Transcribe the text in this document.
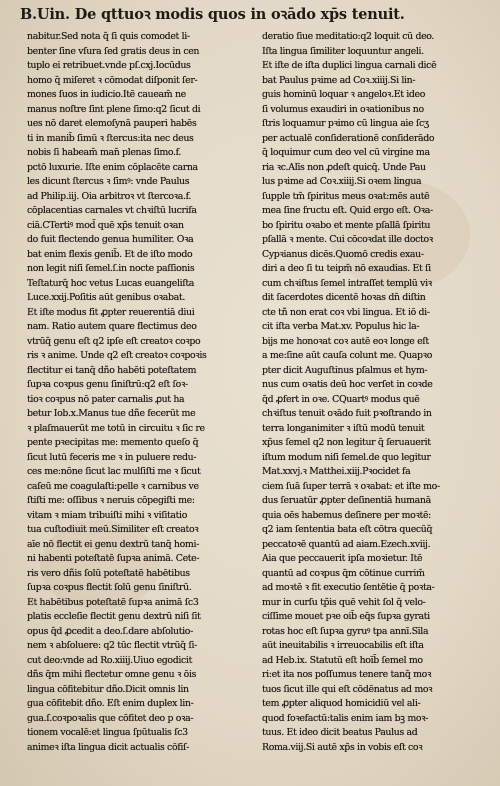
B.Uin. De qttuoꝛ modis quos in oꝛādo xp̄s tenuit.
nabitur.Sed nota q̄ ſi quis comodet li-
benter ſine vſura ſed gratis deus in cen
tuplo ei retribuet.vnde pſ.cxj.Iocūdus
homo q̄ miſeret ꝛ cōmodat diſponit ſer-
mones ſuos in iudicio.Itē caueam̄ ne
manus noſtre ſint plene ſimo:q2 ſicut di
ues nō daret elemoſynā pauperi habēs
ti in manib̄ ſimū ꝛ ſtercus:ita nec deus
nobis ſi habeam̄ man̄ plenas ſimo.f.
pctō luxurie. Iſte enim cōplacēte carna
les dicunt ſtercus ꝛ ſimꝰ: vnde Paulus
ad Philip.iij. Oia arbitroꝛ vt ſtercoꝛa.f.
cōplacentias carnales vt chꝛiſtū lucrifa
ciā.CTertiꝰ mod̄ quē xp̄s tenuit oꝛan
do fuit flectendo genua humiliter. Oꝛa
bat enim flexis genib̄. Et de iſto modo
non legit niſi ſemel.ſ.in nocte paſſionis
Teſtaturq̄ hoc vetus Lucas euangeliſta
Luce.xxij.Poſitis aūt genibus oꝛabat.
Et iſte modus fit ꝓpter reuerentiā diui
nam. Ratio autem quare flectimus deo
vtrūq̄ genu eſt q2 ipſe eſt creatoꝛ coꝛpo
ris ꝛ anime. Unde q2 eſt creatoꝛ coꝛpoꝛis
flectitur ei tanq̄ dño habēti poteſtatem
ſupꝛa coꝛpus genu ſiniſtrū:q2 eſt ſoꝛ-
tioꝛ coꝛpus nō pater carnalis ꝓut ha
betur Iob.x.Manus tue dñe fecerūt me
ꝛ plaſmauerūt me totū in circuitu ꝛ ſic re
pente pꝛecipitas me: memento queſo q̄
ſicut lutū feceris me ꝛ in puluere redu-
ces me:nōne ſicut lac mulſiſti me ꝛ ſicut
caſeū me coagulaſti:pelle ꝛ carnibus ve
ſtiſti me: oſſibus ꝛ neruis cōpegiſti me:
vitam ꝛ miam tribuiſti mihi ꝛ viſitatio
tua cuſtodiuit meū.Similiter eſt creatoꝛ
aīe nō flectit ei genu dextrū tanq̄ homi-
ni habenti poteſtatē ſupꝛa animā. Cete-
ris vero dñis ſolū poteſtatē habētibus
ſupꝛa coꝛpus flectit ſolū genu ſiniſtrū.
Et habētibus poteſtatē ſupꝛa animā ſc3
platis eccleſie flectit genu dextrū niſi ſit
opus q̄d ꝓcedit a deo.ſ.dare abſolutio-
nem ꝛ abſoluere: q2 tūc flectit vtrūq̄ ſi-
cut deo:vnde ad Ro.xiiij.Uiuo egodicit
dñs q̄m mihi flectetur omne genu ꝛ ōis
lingua cōfitebitur dño.Dicit omnis lin
gua cōfitebit dño. Eſt enim duplex lin-
gua.ſ.coꝛpoꝛalis que cōfitet deo p oꝛa-
tionem vocalē:et lingua ſpūtualis ſc3
animeꝛ iſta lingua dicit actualis cōfiſ-
deratio ſiue meditatio:q2 loquit cū deo.
Iſta lingua ſimiliter loquuntur angeli.
Et iſte de iſta duplici lingua carnali dicē
bat Paulus pꝛime ad Coꝛ.xiiij.Si lin-
guis hominū loquar ꝛ angeloꝛ.Et ideo
ſi volumus exaudiri in oꝛationibus no
ſtris loquamur pꝛimo cū lingua aie ſcʒ
per actualē conſiderationē conſiderādo
q̄ loquimur cum deo vel cū virgine ma
ria ꝛc.Alīs non ꝓdeſt quicq̄. Unde Pau
lus pꝛime ad Coꝛ.xiiij.Si oꝛem lingua
ſupple tm̄ ſpiritus meus oꝛat:mēs autē
mea ſine fructu eſt. Quid ergo eſt. Oꝛa-
bo ſpiritu oꝛabo et mente pſallā ſpiritu
pſallā ꝛ mente. Cui cōcoꝛdat ille doctoꝛ
Cypꝛianus dicēs.Quomō credis exau-
diri a deo ſi tu teipm̄ nō exaudias. Et ſi
cum chꝛiſtus ſemel intraſſet templū viꝛ
dit ſacerdotes dicentē hoꝛas dn̄ diſtin
cte tñ non erat coꝛ vbi lingua. Et iō di-
cit iſta verba Mat.xv. Populus hic la-
bijs me honoꝛat coꝛ autē eoꝛ longe eſt
a me:ſine aūt cauſa colunt me. Quapꝛo
pter dicit Auguſtinus pſalmus et hym-
nus cum oꝛatis deū hoc verſet in coꝛde
q̄d ꝓfert in oꝛe. CQuartꝰ modus quē
chꝛiſtus tenuit oꝛādo fuit pꝛoſtrando in
terra longanimiter ꝛ iſtū modū tenuit
xp̄us ſemel q2 non legitur q̄ ſeruauerit
iſtum modum niſi ſemel.de quo legitur
Mat.xxvj.ꝛ Matthei.xiij.Pꝛocidet fa
ciem ſuā ſuper terrā ꝛ oꝛabat: et iſte mo-
dus ſeruatūr ꝓpter deſinentiā humanā
quia oēs habemus deſinere per moꝛtē:
q2 iam ſententia bata eſt cōtra quecūq̄
peccatoꝛē quantū ad aiam.Ezech.xviij.
Aia que peccauerit ipſa moꝛietur. Itē
quantū ad coꝛpus q̄m cōtinue currim̄
ad moꝛtē ꝛ fit executio ſentētie q̄ poꝛta-
mur in curſu tp̄is quē vehit ſol q̄ velo-
ciſſime mouet pꝛe oib̄ eq̄s ſupꝛa gyrati
rotas hoc eſt ſupꝛa gyruꝰ tpa annī.Sīla
aūt ineuitabilis ꝛ irreuocabilis eſt iſta
ad Heb.ix. Statutū eſt hoīb̄ ſemel mo
ri:et ita nos poſſumus tenere tanq̄ moꝛ
tuos ſicut ille qui eſt cōdēnatus ad moꝛ
tem ꝓpter aliquod homicidiū vel ali-
quod foꝛefactū:talis enim iam bꝫ moꝛ-
tuus. Et ideo dicit beatus Paulus ad
Roma.viij.Si autē xp̄s in vobis eſt coꝛ
